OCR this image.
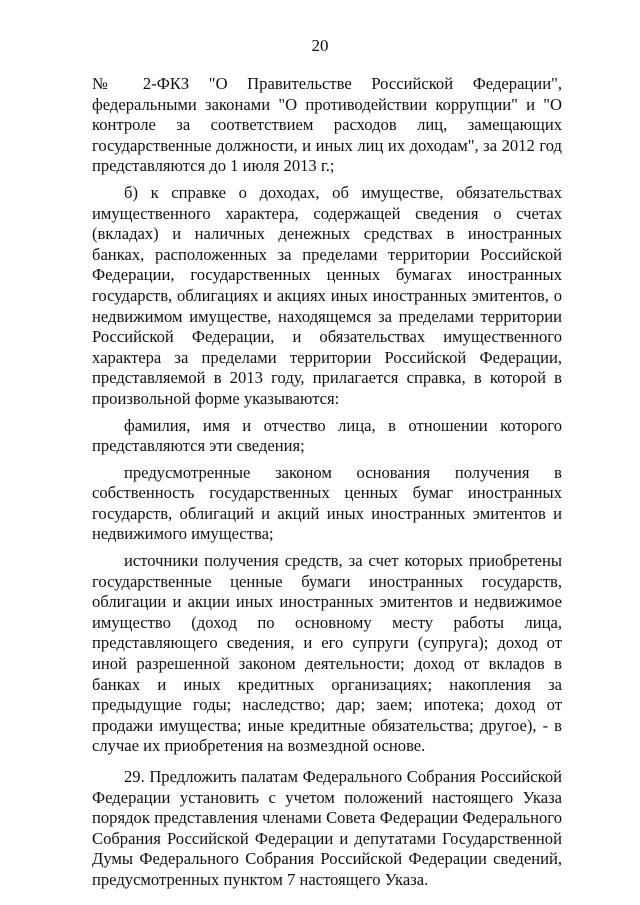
20

№ 2-ФКЗ "О Правительстве Российской Федерации", федеральными законами "О противодействии коррупции" и "О контроле за соответствием расходов лиц, замещающих государственные должности, и иных лиц их доходам", за 2012 год представляются до 1 июля 2013 г.;

б) к справке о доходах, об имуществе, обязательствах имущественного характера, содержащей сведения о счетах (вкладах) и наличных денежных средствах в иностранных банках, расположенных за пределами территории Российской Федерации, государственных ценных бумагах иностранных государств, облигациях и акциях иных иностранных эмитентов, о недвижимом имуществе, находящемся за пределами территории Российской Федерации, и обязательствах имущественного характера за пределами территории Российской Федерации, представляемой в 2013 году, прилагается справка, в которой в произвольной форме указываются:

фамилия, имя и отчество лица, в отношении которого представляются эти сведения;

предусмотренные законом основания получения в собственность государственных ценных бумаг иностранных государств, облигаций и акций иных иностранных эмитентов и недвижимого имущества;

источники получения средств, за счет которых приобретены государственные ценные бумаги иностранных государств, облигации и акции иных иностранных эмитентов и недвижимое имущество (доход по основному месту работы лица, представляющего сведения, и его супруги (супруга); доход от иной разрешенной законом деятельности; доход от вкладов в банках и иных кредитных организациях; накопления за предыдущие годы; наследство; дар; заем; ипотека; доход от продажи имущества; иные кредитные обязательства; другое), - в случае их приобретения на возмездной основе.

29. Предложить палатам Федерального Собрания Российской Федерации установить с учетом положений настоящего Указа порядок представления членами Совета Федерации Федерального Собрания Российской Федерации и депутатами Государственной Думы Федерального Собрания Российской Федерации сведений, предусмотренных пунктом 7 настоящего Указа.
